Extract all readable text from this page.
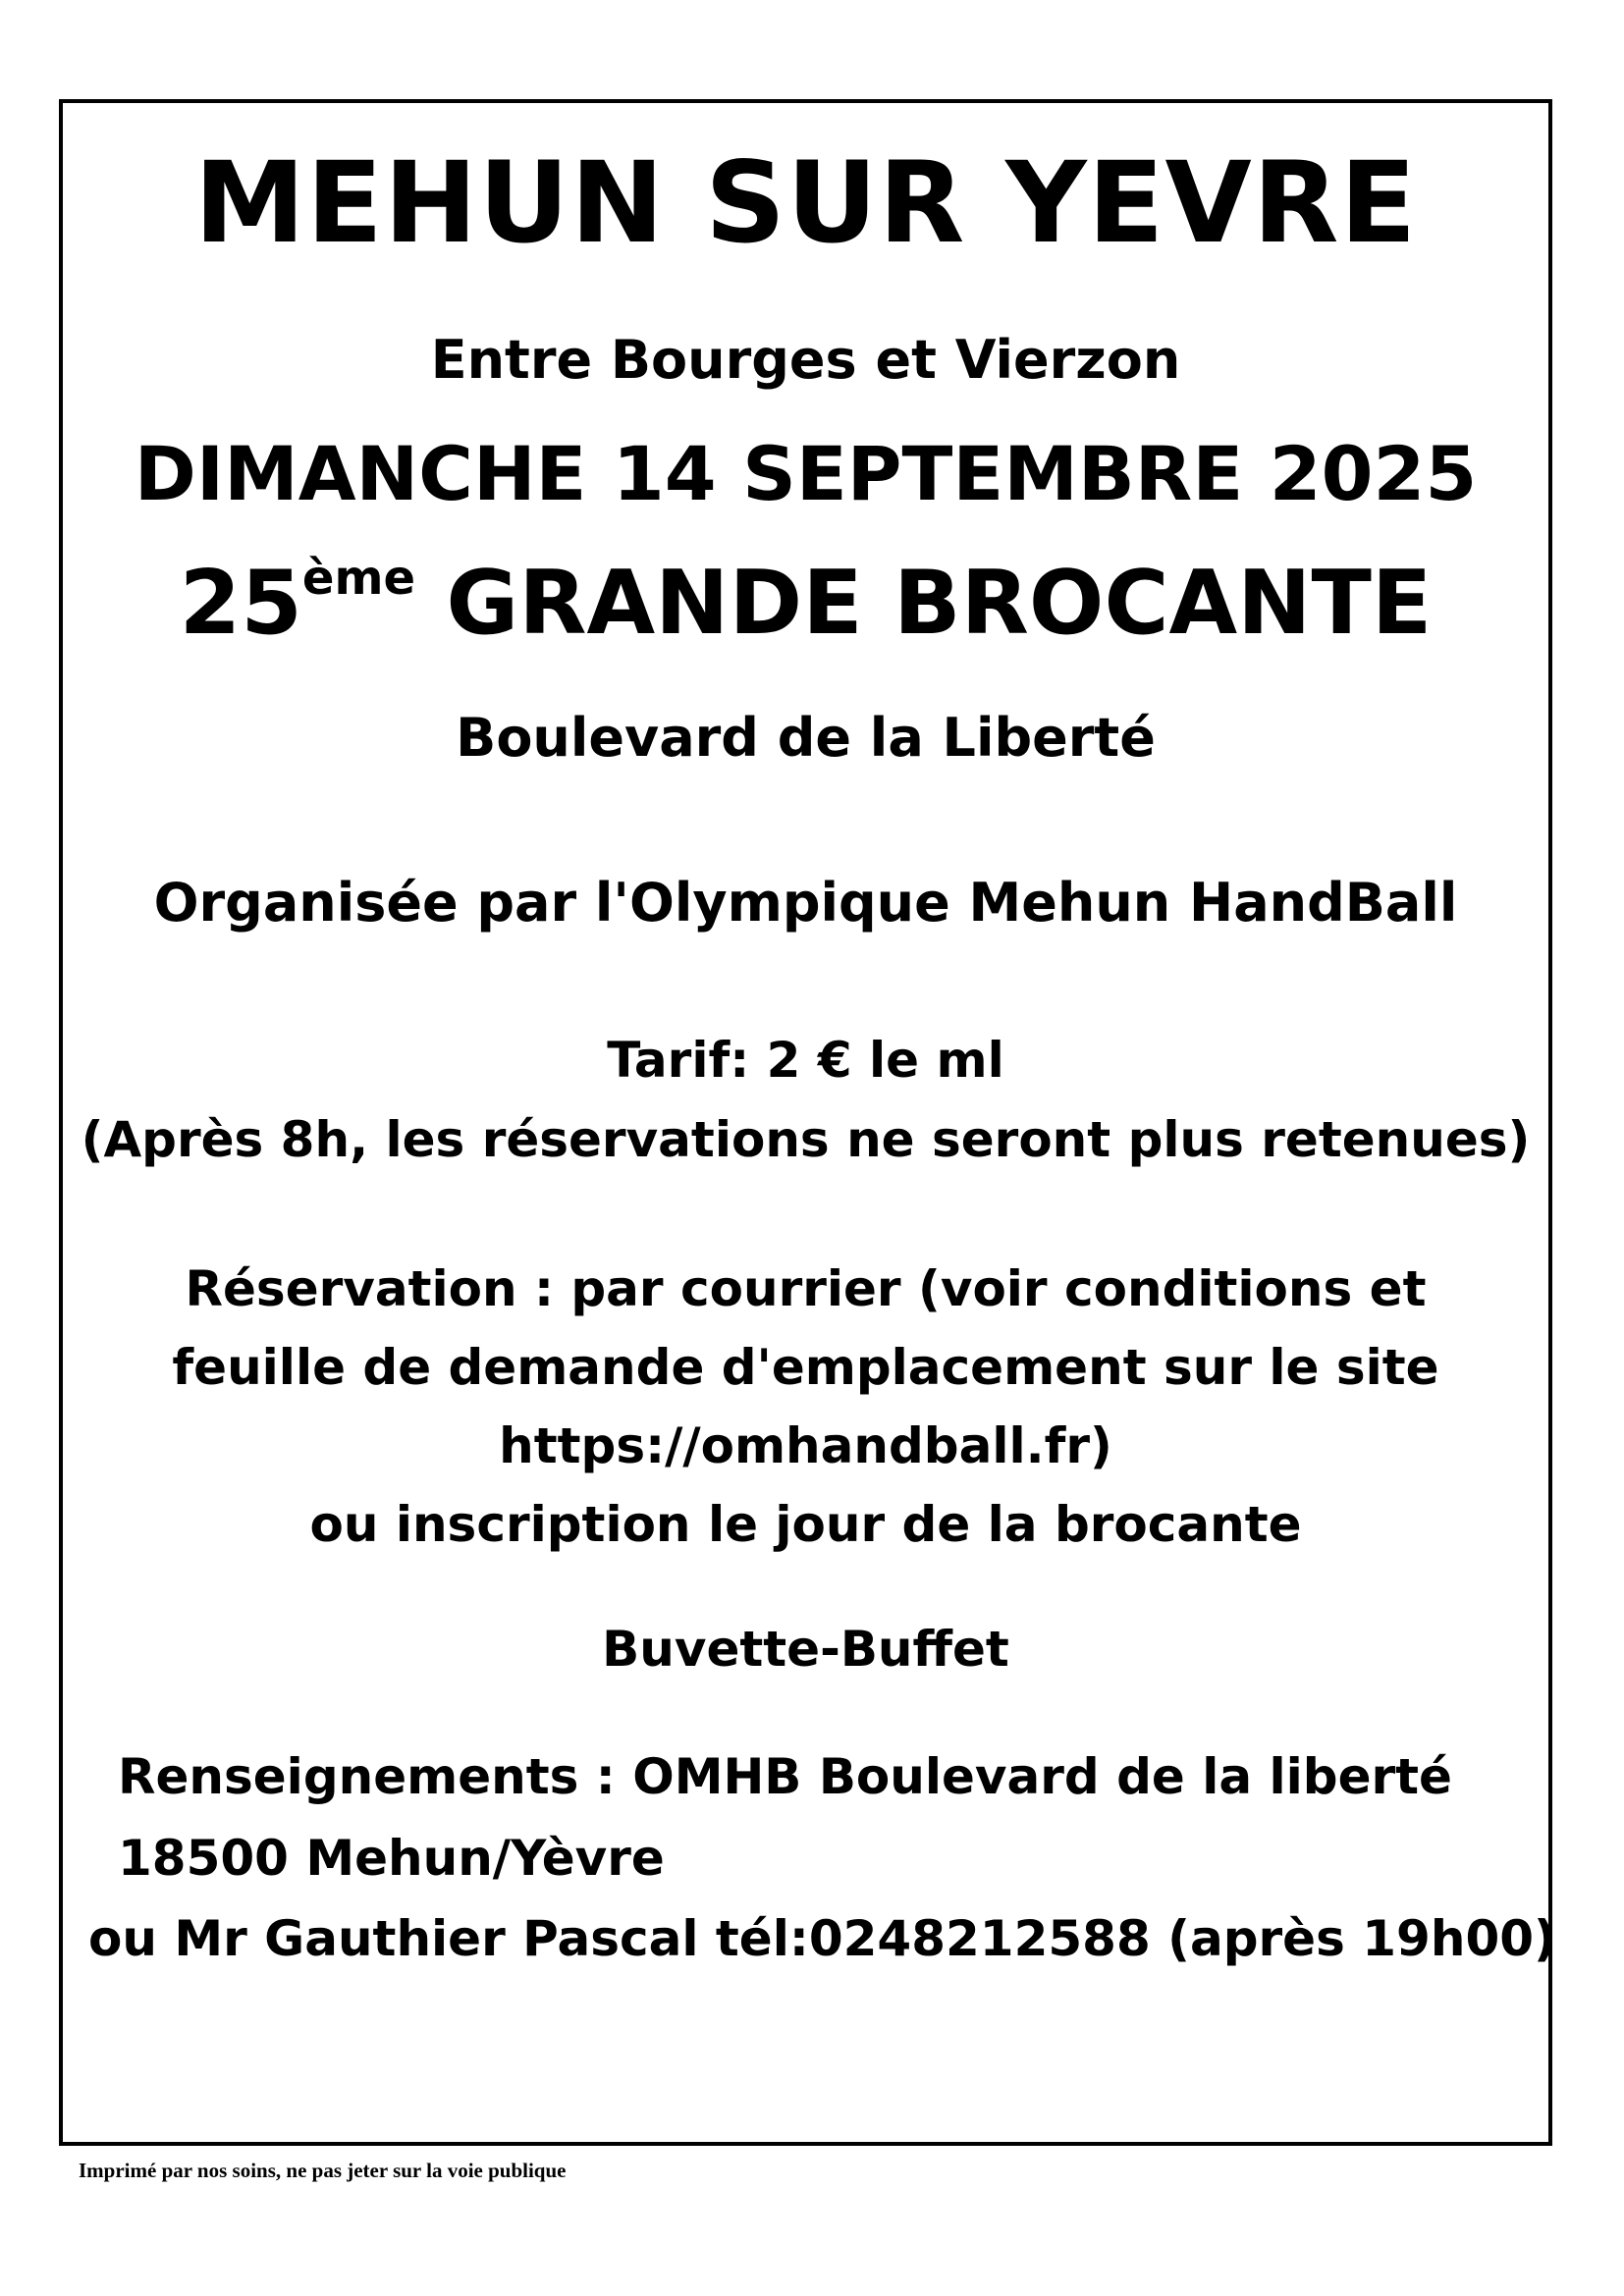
MEHUN SUR YEVRE
Entre Bourges et Vierzon
DIMANCHE 14 SEPTEMBRE 2025
25ème GRANDE BROCANTE
Boulevard de la Liberté
Organisée par l'Olympique Mehun HandBall
Tarif: 2 € le ml
(Après 8h, les réservations ne seront plus retenues)
Réservation : par courrier (voir conditions et
feuille de demande d'emplacement sur le site
https://omhandball.fr)
ou inscription le jour de la brocante
Buvette-Buffet
Renseignements : OMHB Boulevard de la liberté
18500 Mehun/Yèvre
ou Mr Gauthier Pascal tél:0248212588 (après 19h00)
Imprimé par nos soins, ne pas jeter sur la voie publique
